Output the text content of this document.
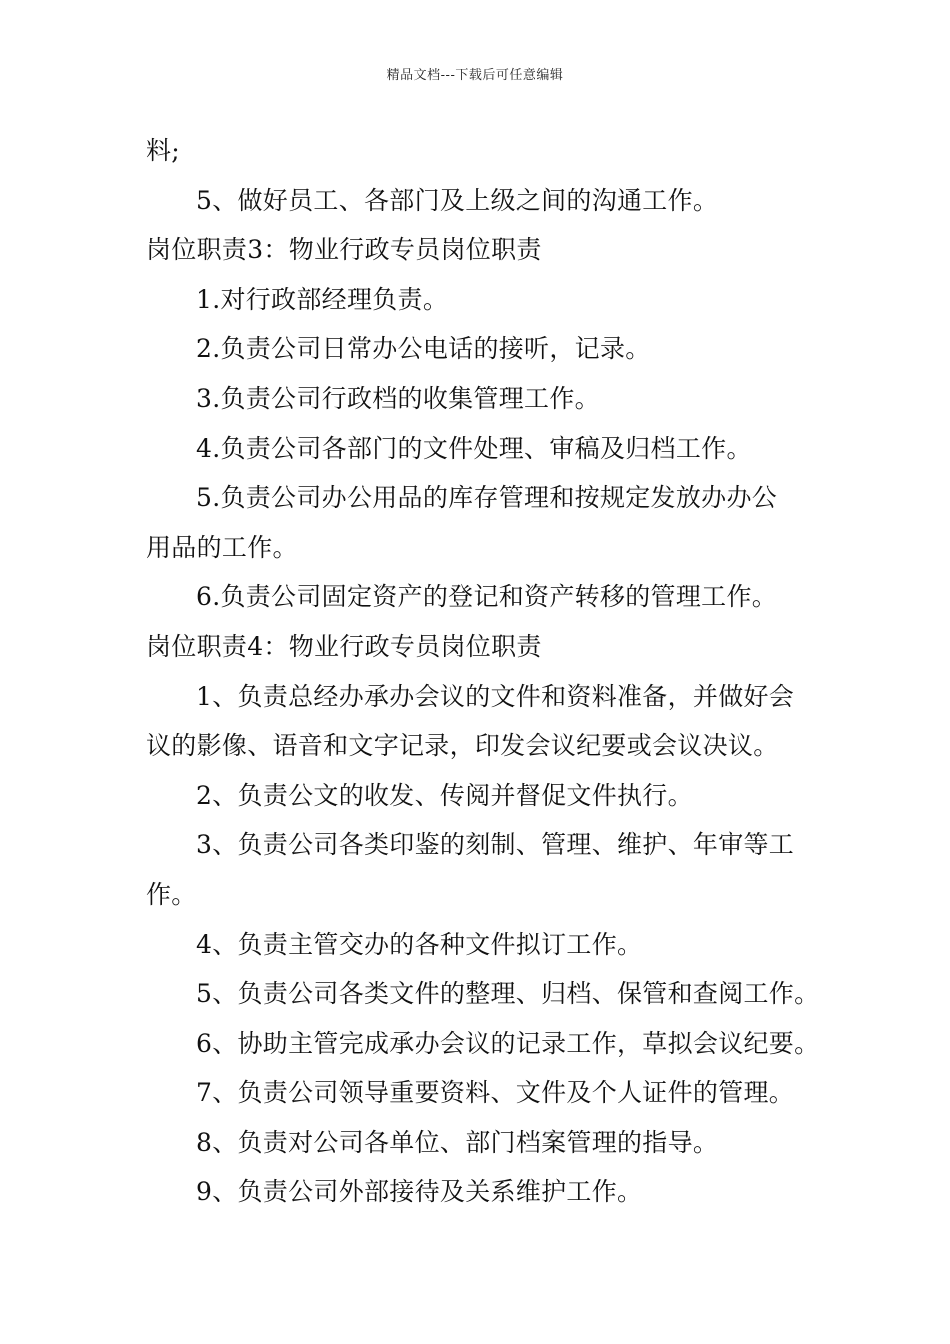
精品文档---下载后可任意编辑
料;
5、做好员工、各部门及上级之间的沟通工作。
岗位职责3：物业行政专员岗位职责
1.对行政部经理负责。
2.负责公司日常办公电话的接听，记录。
3.负责公司行政档的收集管理工作。
4.负责公司各部门的文件处理、审稿及归档工作。
5.负责公司办公用品的库存管理和按规定发放办办公
用品的工作。
6.负责公司固定资产的登记和资产转移的管理工作。
岗位职责4：物业行政专员岗位职责
1、负责总经办承办会议的文件和资料准备，并做好会
议的影像、语音和文字记录，印发会议纪要或会议决议。
2、负责公文的收发、传阅并督促文件执行。
3、负责公司各类印鉴的刻制、管理、维护、年审等工
作。
4、负责主管交办的各种文件拟订工作。
5、负责公司各类文件的整理、归档、保管和查阅工作。
6、协助主管完成承办会议的记录工作，草拟会议纪要。
7、负责公司领导重要资料、文件及个人证件的管理。
8、负责对公司各单位、部门档案管理的指导。
9、负责公司外部接待及关系维护工作。
